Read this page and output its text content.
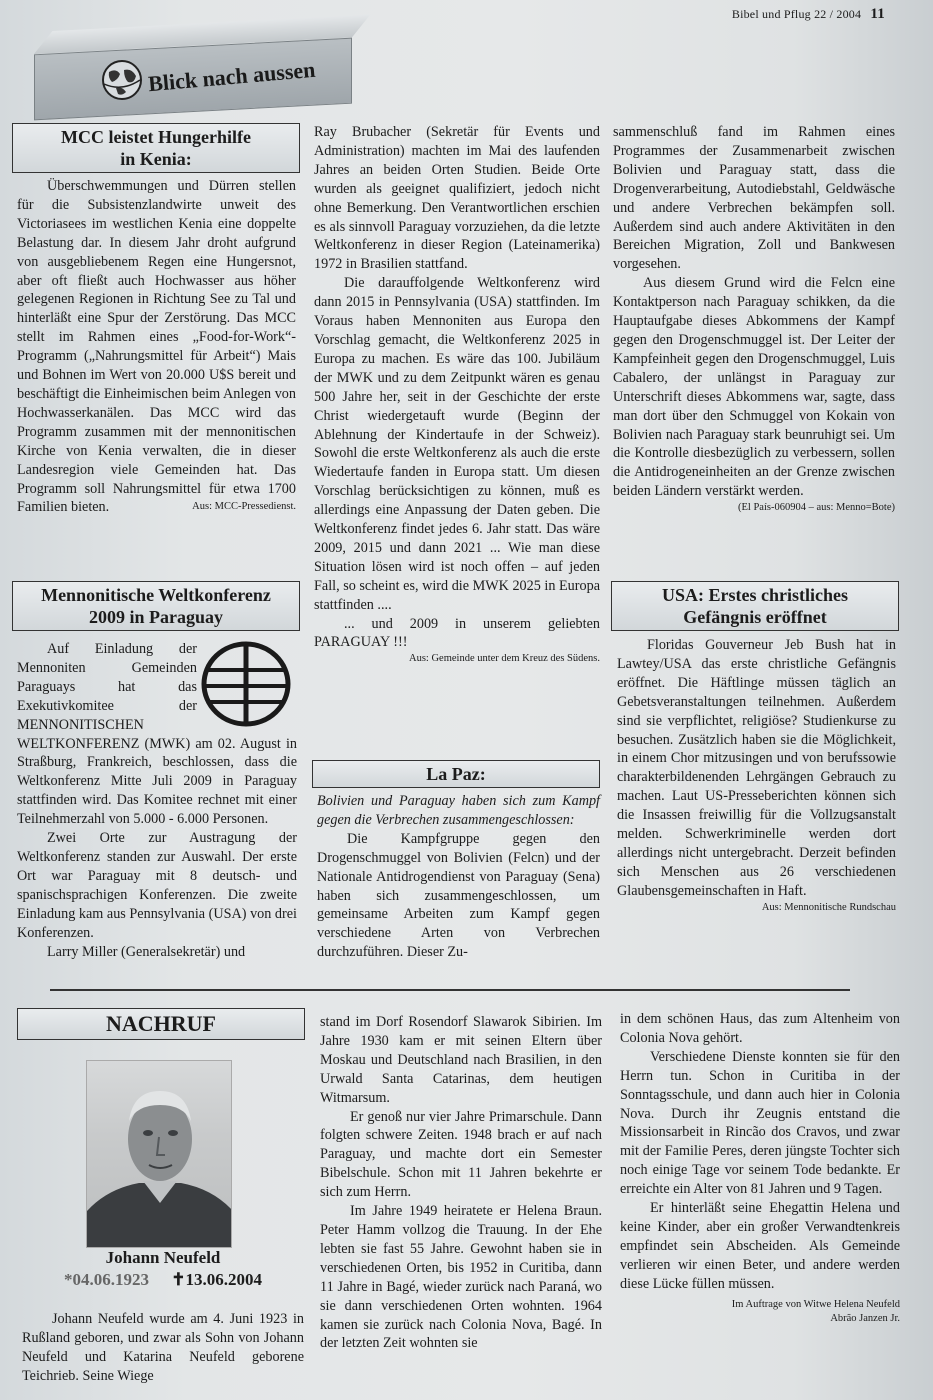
Bibel und Pflug 22 / 2004 11
Blick nach aussen
MCC leistet Hungerhilfe
in Kenia:

Überschwemmungen und Dürren stellen für die Subsistenzlandwirte unweit des Victoriasees im westlichen Kenia eine doppelte Belastung dar. In diesem Jahr droht aufgrund von ausgebliebenem Regen eine Hungersnot, aber oft fließt auch Hochwasser aus höher gelegenen Regionen in Richtung See zu Tal und hinterläßt eine Spur der Zerstörung. Das MCC stellt im Rahmen eines „Food-for-Work“-Programm („Nahrungsmittel für Arbeit“) Mais und Bohnen im Wert von 20.000 U$S bereit und beschäftigt die Einheimischen beim Anlegen von Hochwasserkanälen. Das MCC wird das Programm zusammen mit der mennonitischen Kirche von Kenia verwalten, die in dieser Landesregion viele Gemeinden hat. Das Programm soll Nahrungsmittel für etwa 1700 Familien bieten.	Aus: MCC-Pressedienst.
Mennonitische Weltkonferenz
2009 in Paraguay

Auf Einladung der Mennoniten Gemeinden Paraguays hat das Exekutivkomitee der MENNONITISCHEN

WELTKONFERENZ (MWK) am 02. August in Straßburg, Frankreich, beschlossen, dass die Weltkonferenz Mitte Juli 2009 in Paraguay stattfinden wird. Das Komitee rechnet mit einer Teilnehmerzahl von 5.000 - 6.000 Personen.

Zwei Orte zur Austragung der Weltkonferenz standen zur Auswahl. Der erste Ort war Paraguay mit 8 deutsch- und spanischsprachigen Konferenzen. Die zweite Einladung kam aus Pennsylvania (USA) von drei Konferenzen.

Larry Miller (Generalsekretär) und

Ray Brubacher (Sekretär für Events und Administration) machten im Mai des laufenden Jahres an beiden Orten Studien. Beide Orte wurden als geeignet qualifiziert, jedoch nicht ohne Bemerkung. Den Verantwortlichen erschien es als sinnvoll Paraguay vorzuziehen, da die letzte Weltkonferenz in dieser Region (Lateinamerika) 1972 in Brasilien stattfand.

Die darauffolgende Weltkonferenz wird dann 2015 in Pennsylvania (USA) stattfinden. Im Voraus haben Mennoniten aus Europa den Vorschlag gemacht, die Weltkonferenz 2025 in Europa zu machen. Es wäre das 100. Jubiläum der MWK und zu dem Zeitpunkt wären es genau 500 Jahre her, seit in der Geschichte der erste Christ wiedergetauft wurde (Beginn der Ablehnung der Kindertaufe in der Schweiz). Sowohl die erste Weltkonferenz als auch die erste Wiedertaufe fanden in Europa statt. Um diesen Vorschlag berücksichtigen zu können, muß es allerdings eine Anpassung der Daten geben. Die Weltkonferenz findet jedes 6. Jahr statt. Das wäre 2009, 2015 und dann 2021 ... Wie man diese Situation lösen wird ist noch offen – auf jeden Fall, so scheint es, wird die MWK 2025 in Europa stattfinden ....

... und 2009 in unserem geliebten PARAGUAY !!!

Aus: Gemeinde unter dem Kreuz des Südens.
La Paz:

Bolivien und Paraguay haben sich zum Kampf gegen die Verbrechen zusammengeschlossen:

Die Kampfgruppe gegen den Drogenschmuggel von Bolivien (Felcn) und der Nationale Antidrogendienst von Paraguay (Sena) haben sich zusammengeschlossen, um gemeinsame Arbeiten zum Kampf gegen verschiedene Arten von Verbrechen durchzuführen. Dieser Zu-

sammenschluß fand im Rahmen eines Programmes der Zusammenarbeit zwischen Bolivien und Paraguay statt, dass die Drogenverarbeitung, Autodiebstahl, Geldwäsche und andere Verbrechen bekämpfen soll. Außerdem sind auch andere Aktivitäten in den Bereichen Migration, Zoll und Bankwesen vorgesehen.

Aus diesem Grund wird die Felcn eine Kontaktperson nach Paraguay schikken, da die Hauptaufgabe dieses Abkommens der Kampf gegen den Drogenschmuggel ist. Der Leiter der Kampfeinheit gegen den Drogenschmuggel, Luis Cabalero, der unlängst in Paraguay zur Unterschrift dieses Abkommens war, sagte, dass man dort über den Schmuggel von Kokain von Bolivien nach Paraguay stark beunruhigt sei. Um die Kontrolle diesbezüglich zu verbessern, sollen die Antidrogeneinheiten an der Grenze zwischen beiden Ländern verstärkt werden.

(El País-060904 – aus: Menno=Bote)
USA: Erstes christliches
Gefängnis eröffnet

Floridas Gouverneur Jeb Bush hat in Lawtey/USA das erste christliche Gefängnis eröffnet. Die Häftlinge müssen täglich an Gebetsveranstaltungen teilnehmen. Außerdem sind sie verpflichtet, religiöse? Studienkurse zu besuchen. Zusätzlich haben sie die Möglichkeit, in einem Chor mitzusingen und von berufssowie charakterbildenenden Lehrgängen Gebrauch zu machen. Laut US-Presseberichten können sich die Insassen freiwillig für die Vollzugsanstalt melden. Schwerkriminelle werden dort allerdings nicht untergebracht. Derzeit befinden sich Menschen aus 26 verschiedenen Glaubensgemeinschaften in Haft.

Aus: Mennonitische Rundschau
NACHRUF
Johann Neufeld
*04.06.1923 ✝13.06.2004

Johann Neufeld wurde am 4. Juni 1923 in Rußland geboren, und zwar als Sohn von Johann Neufeld und Katarina Neufeld geborene Teichrieb. Seine Wiege

stand im Dorf Rosendorf Slawarok Sibirien. Im Jahre 1930 kam er mit seinen Eltern über Moskau und Deutschland nach Brasilien, in den Urwald Santa Catarinas, dem heutigen Witmarsum.

Er genoß nur vier Jahre Primarschule. Dann folgten schwere Zeiten. 1948 brach er auf nach Paraguay, und machte dort ein Semester Bibelschule. Schon mit 11 Jahren bekehrte er sich zum Herrn.

Im Jahre 1949 heiratete er Helena Braun. Peter Hamm vollzog die Trauung. In der Ehe lebten sie fast 55 Jahre. Gewohnt haben sie in verschiedenen Orten, bis 1952 in Curitiba, dann 11 Jahre in Bagé, wieder zurück nach Paraná, wo sie dann verschiedenen Orten wohnten. 1964 kamen sie zurück nach Colonia Nova, Bagé. In der letzten Zeit wohnten sie

in dem schönen Haus, das zum Altenheim von Colonia Nova gehört.

Verschiedene Dienste konnten sie für den Herrn tun. Schon in Curitiba in der Sonntagsschule, und dann auch hier in Colonia Nova. Durch ihr Zeugnis entstand die Missionsarbeit in Rincão dos Cravos, und zwar mit der Familie Peres, deren jüngste Tochter sich noch einige Tage vor seinem Tode bedankte. Er erreichte ein Alter von 81 Jahren und 9 Tagen.

Er hinterläßt seine Ehegattin Helena und keine Kinder, aber ein großer Verwandtenkreis empfindet sein Abscheiden. Als Gemeinde verlieren wir einen Beter, und andere werden diese Lücke füllen müssen.

Im Auftrage von Witwe Helena Neufeld
Abrão Janzen Jr.
